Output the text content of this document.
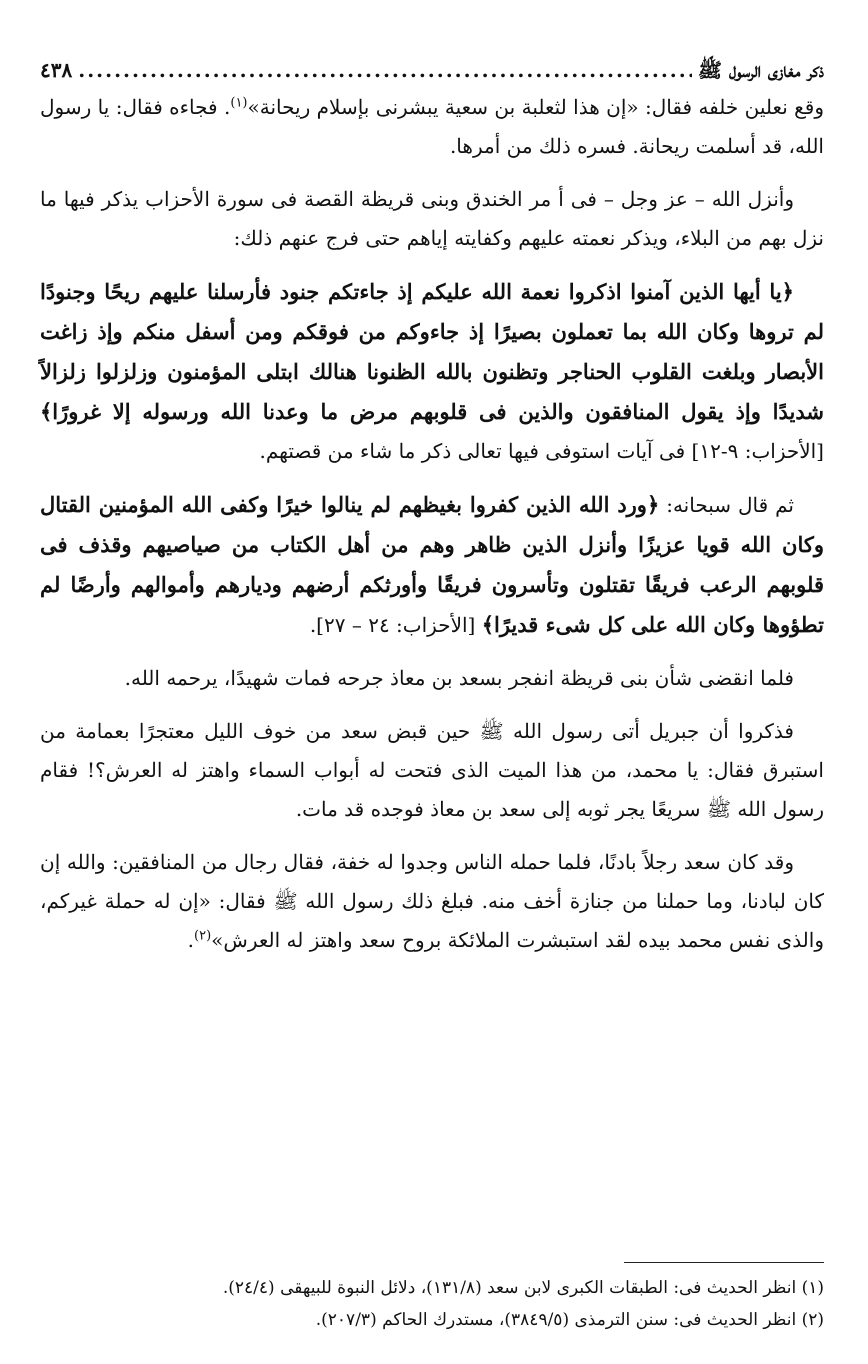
ذكر مغازى الرسول ﷺ
.....
٤٣٨

وقع نعلين خلفه فقال: «إن هذا لثعلبة بن سعية يبشرنى بإسلام ريحانة»$^{(١)}$. فجاءه فقال: يا رسول الله، قد أسلمت ريحانة. فسره ذلك من أمرها.

وأنزل الله – عز وجل – فى أ مر الخندق وبنى قريظة القصة فى سورة الأحزاب يذكر فيها ما نزل بهم من البلاء، ويذكر نعمته عليهم وكفايته إياهم حتى فرج عنهم ذلك:

﴿يا أيها الذين آمنوا اذكروا نعمة الله عليكم إذ جاءتكم جنود فأرسلنا عليهم ريحًا وجنودًا لم تروها وكان الله بما تعملون بصيرًا إذ جاءوكم من فوقكم ومن أسفل منكم وإذ زاغت الأبصار وبلغت القلوب الحناجر وتظنون بالله الظنونا هنالك ابتلى المؤمنون وزلزلوا زلزالاً شديدًا وإذ يقول المنافقون والذين فى قلوبهم مرض ما وعدنا الله ورسوله إلا غرورًا﴾ [الأحزاب: ٩-١٢] فى آيات استوفى فيها تعالى ذكر ما شاء من قصتهم.

ثم قال سبحانه: ﴿ورد الله الذين كفروا بغيظهم لم ينالوا خيرًا وكفى الله المؤمنين القتال وكان الله قويا عزيزًا وأنزل الذين ظاهر وهم من أهل الكتاب من صياصيهم وقذف فى قلوبهم الرعب فريقًا تقتلون وتأسرون فريقًا وأورثكم أرضهم وديارهم وأموالهم وأرضًا لم تطؤوها وكان الله على كل شىء قديرًا﴾ [الأحزاب: ٢٤ – ٢٧].

فلما انقضى شأن بنى قريظة انفجر بسعد بن معاذ جرحه فمات شهيدًا، يرحمه الله.

فذكروا أن جبريل أتى رسول الله ﷺ حين قبض سعد من خوف الليل معتجرًا بعمامة من استبرق فقال: يا محمد، من هذا الميت الذى فتحت له أبواب السماء واهتز له العرش؟! فقام رسول الله ﷺ سريعًا يجر ثوبه إلى سعد بن معاذ فوجده قد مات.

وقد كان سعد رجلاً بادنًا، فلما حمله الناس وجدوا له خفة، فقال رجال من المنافقين: والله إن كان لبادنا، وما حملنا من جنازة أخف منه. فبلغ ذلك رسول الله ﷺ فقال: «إن له حملة غيركم، والذى نفس محمد بيده لقد استبشرت الملائكة بروح سعد واهتز له العرش»$^{(٢)}$.

(١) انظر الحديث فى: الطبقات الكبرى لابن سعد (١٣١/٨)، دلائل النبوة للبيهقى (٢٤/٤).
(٢) انظر الحديث فى: سنن الترمذى (٣٨٤٩/٥)، مستدرك الحاكم (٢٠٧/٣).
